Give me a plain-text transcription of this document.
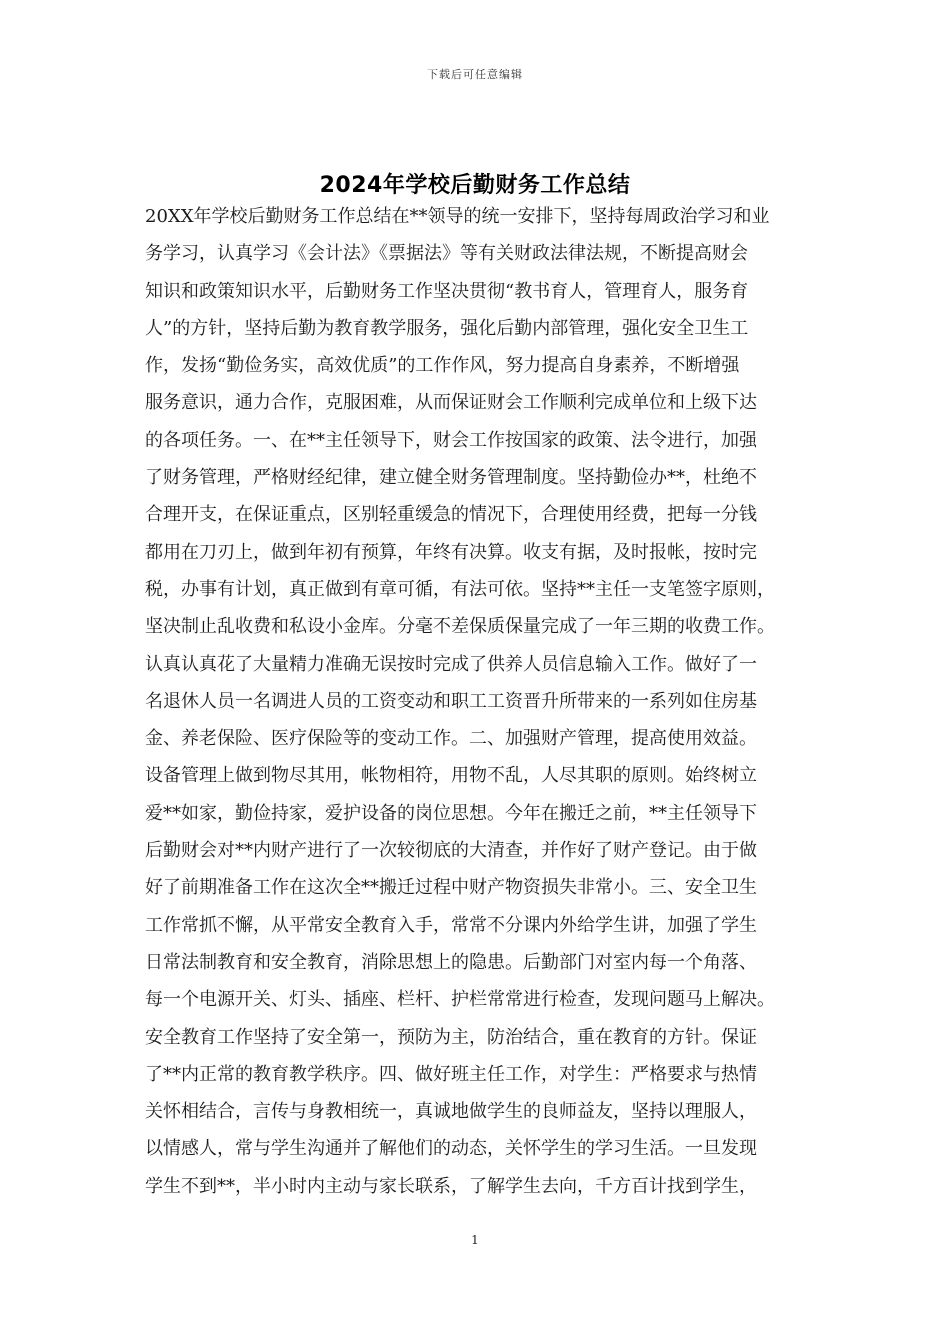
下载后可任意编辑
2024年学校后勤财务工作总结
20XX年学校后勤财务工作总结在**领导的统一安排下，坚持每周政治学习和业
务学习，认真学习《会计法》《票据法》等有关财政法律法规，不断提高财会
知识和政策知识水平，后勤财务工作坚决贯彻“教书育人，管理育人，服务育
人”的方针，坚持后勤为教育教学服务，强化后勤内部管理，强化安全卫生工
作，发扬“勤俭务实，高效优质”的工作作风，努力提高自身素养，不断增强
服务意识，通力合作，克服困难，从而保证财会工作顺利完成单位和上级下达
的各项任务。一、在**主任领导下，财会工作按国家的政策、法令进行，加强
了财务管理，严格财经纪律，建立健全财务管理制度。坚持勤俭办**，杜绝不
合理开支，在保证重点，区别轻重缓急的情况下，合理使用经费，把每一分钱
都用在刀刃上，做到年初有预算，年终有决算。收支有据，及时报帐，按时完
税，办事有计划，真正做到有章可循，有法可依。坚持**主任一支笔签字原则，
坚决制止乱收费和私设小金库。分毫不差保质保量完成了一年三期的收费工作。
认真认真花了大量精力准确无误按时完成了供养人员信息输入工作。做好了一
名退休人员一名调进人员的工资变动和职工工资晋升所带来的一系列如住房基
金、养老保险、医疗保险等的变动工作。二、加强财产管理，提高使用效益。
设备管理上做到物尽其用，帐物相符，用物不乱，人尽其职的原则。始终树立
爱**如家，勤俭持家，爱护设备的岗位思想。今年在搬迁之前，**主任领导下
后勤财会对**内财产进行了一次较彻底的大清查，并作好了财产登记。由于做
好了前期准备工作在这次全**搬迁过程中财产物资损失非常小。三、安全卫生
工作常抓不懈，从平常安全教育入手，常常不分课内外给学生讲，加强了学生
日常法制教育和安全教育，消除思想上的隐患。后勤部门对室内每一个角落、
每一个电源开关、灯头、插座、栏杆、护栏常常进行检查，发现问题马上解决。
安全教育工作坚持了安全第一，预防为主，防治结合，重在教育的方针。保证
了**内正常的教育教学秩序。四、做好班主任工作，对学生：严格要求与热情
关怀相结合，言传与身教相统一，真诚地做学生的良师益友，坚持以理服人，
以情感人，常与学生沟通并了解他们的动态，关怀学生的学习生活。一旦发现
学生不到**，半小时内主动与家长联系，了解学生去向，千方百计找到学生，
1
